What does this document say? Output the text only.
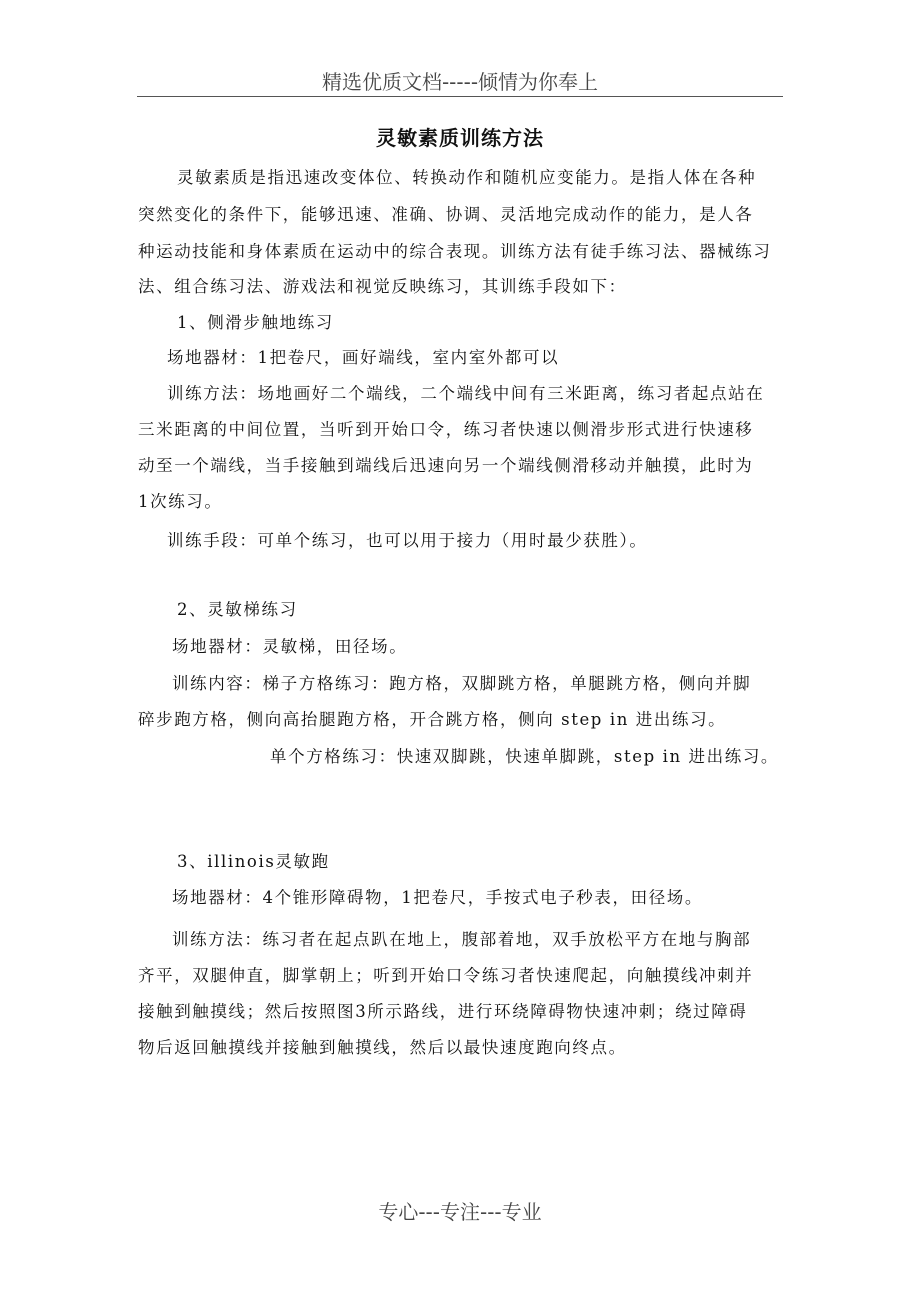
精选优质文档-----倾情为你奉上
灵敏素质训练方法
灵敏素质是指迅速改变体位、转换动作和随机应变能力。是指人体在各种
突然变化的条件下，能够迅速、准确、协调、灵活地完成动作的能力，是人各
种运动技能和身体素质在运动中的综合表现。训练方法有徒手练习法、器械练习
法、组合练习法、游戏法和视觉反映练习，其训练手段如下：
1、侧滑步触地练习
场地器材：1把卷尺，画好端线，室内室外都可以
训练方法：场地画好二个端线，二个端线中间有三米距离，练习者起点站在
三米距离的中间位置，当听到开始口令，练习者快速以侧滑步形式进行快速移
动至一个端线，当手接触到端线后迅速向另一个端线侧滑移动并触摸，此时为
1次练习。
训练手段：可单个练习，也可以用于接力（用时最少获胜）。
2、灵敏梯练习
场地器材：灵敏梯，田径场。
训练内容：梯子方格练习：跑方格，双脚跳方格，单腿跳方格，侧向并脚
碎步跑方格，侧向高抬腿跑方格，开合跳方格，侧向 step in 进出练习。
单个方格练习：快速双脚跳，快速单脚跳，step in 进出练习。
3、illinois灵敏跑
场地器材：4个锥形障碍物，1把卷尺，手按式电子秒表，田径场。
训练方法：练习者在起点趴在地上，腹部着地，双手放松平方在地与胸部
齐平，双腿伸直，脚掌朝上；听到开始口令练习者快速爬起，向触摸线冲刺并
接触到触摸线；然后按照图3所示路线，进行环绕障碍物快速冲刺；绕过障碍
物后返回触摸线并接触到触摸线，然后以最快速度跑向终点。
专心---专注---专业
